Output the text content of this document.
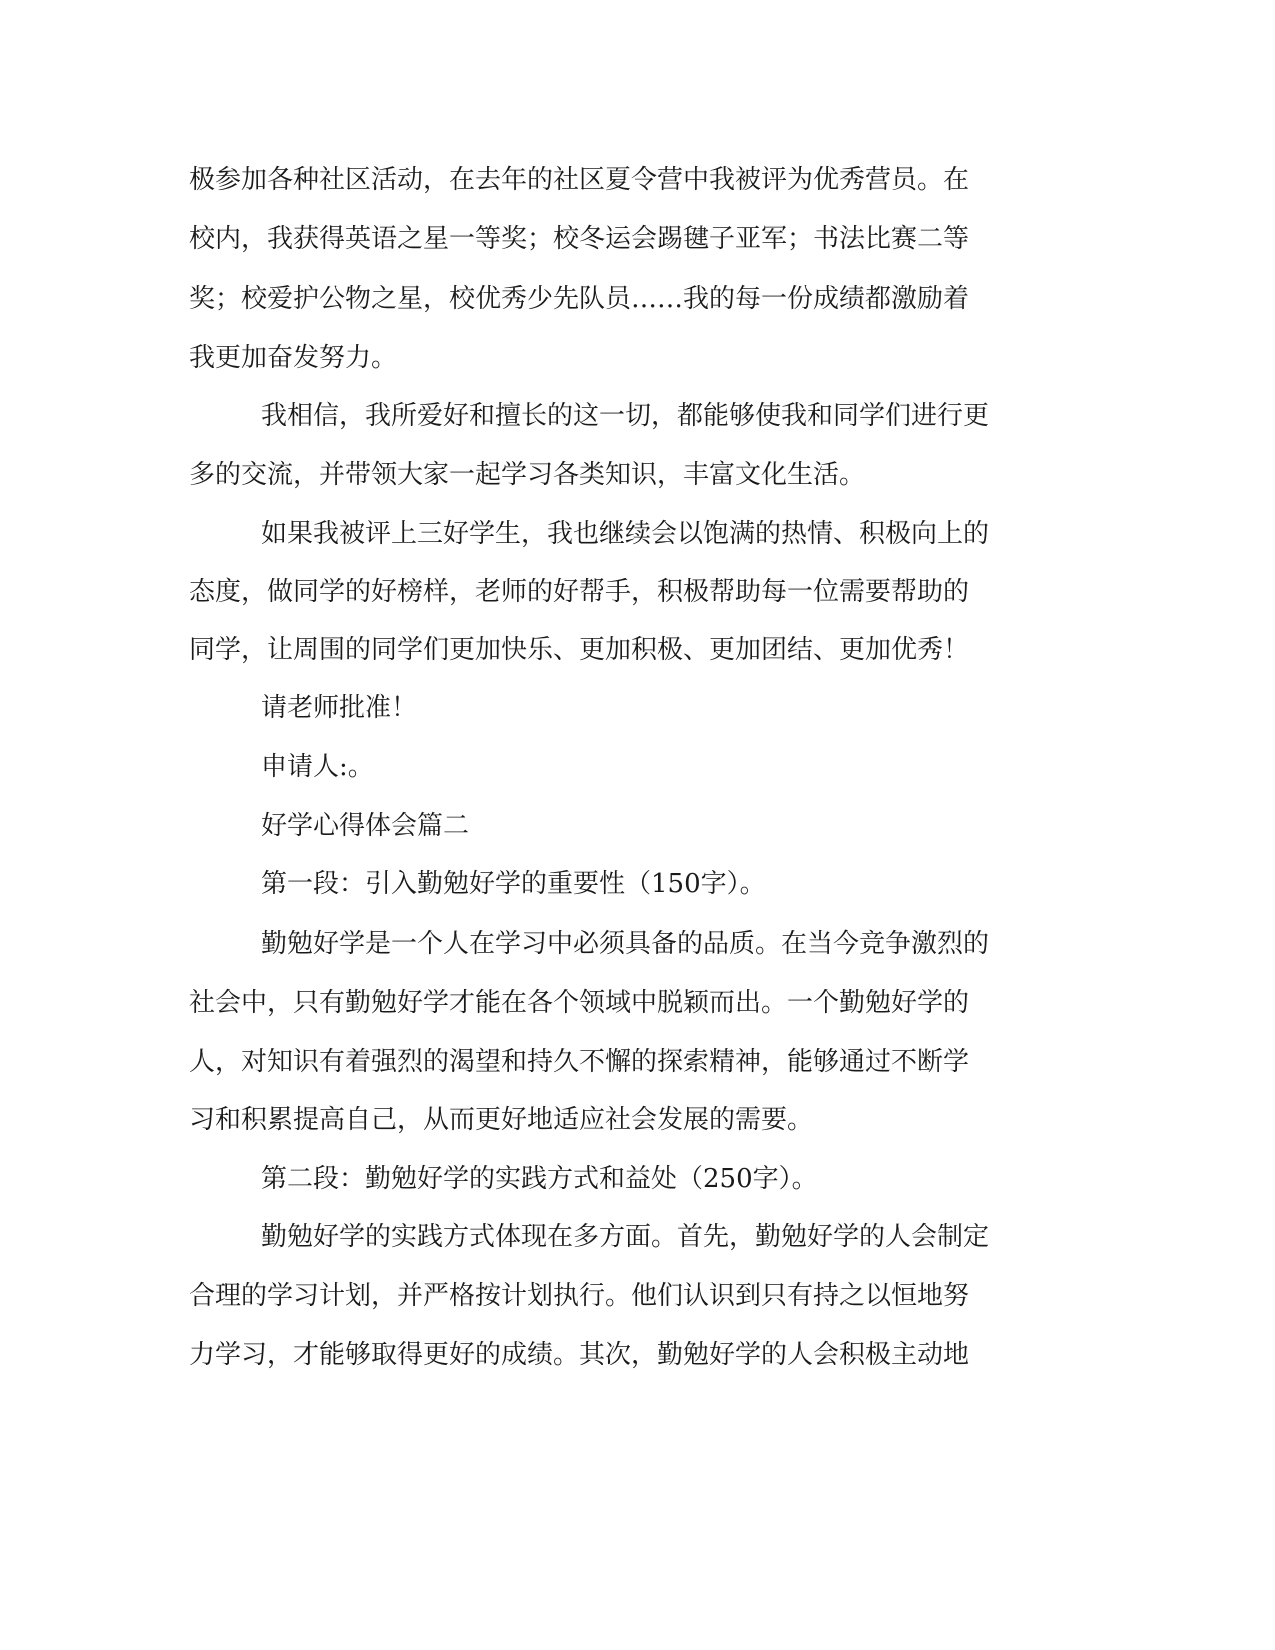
极参加各种社区活动，在去年的社区夏令营中我被评为优秀营员。在
校内，我获得英语之星一等奖；校冬运会踢毽子亚军；书法比赛二等
奖；校爱护公物之星，校优秀少先队员……我的每一份成绩都激励着
我更加奋发努力。
我相信，我所爱好和擅长的这一切，都能够使我和同学们进行更
多的交流，并带领大家一起学习各类知识，丰富文化生活。
如果我被评上三好学生，我也继续会以饱满的热情、积极向上的
态度，做同学的好榜样，老师的好帮手，积极帮助每一位需要帮助的
同学，让周围的同学们更加快乐、更加积极、更加团结、更加优秀！
请老师批准！
申请人:。
好学心得体会篇二
第一段：引入勤勉好学的重要性（150字）。
勤勉好学是一个人在学习中必须具备的品质。在当今竞争激烈的
社会中，只有勤勉好学才能在各个领域中脱颖而出。一个勤勉好学的
人，对知识有着强烈的渴望和持久不懈的探索精神，能够通过不断学
习和积累提高自己，从而更好地适应社会发展的需要。
第二段：勤勉好学的实践方式和益处（250字）。
勤勉好学的实践方式体现在多方面。首先，勤勉好学的人会制定
合理的学习计划，并严格按计划执行。他们认识到只有持之以恒地努
力学习，才能够取得更好的成绩。其次，勤勉好学的人会积极主动地
